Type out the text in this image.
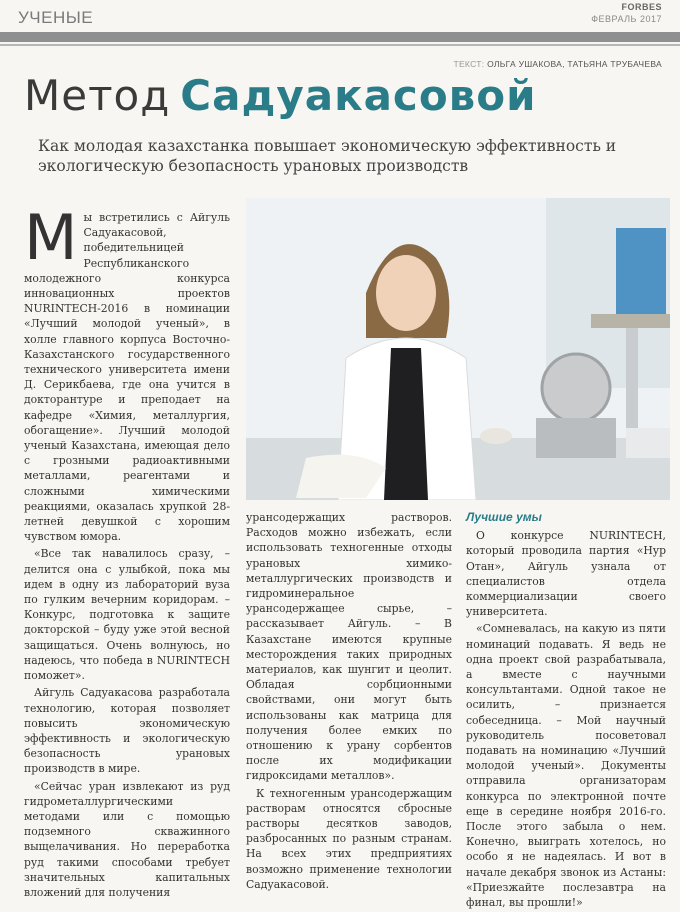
УЧЕНЫЕ
FORBES
ФЕВРАЛЬ 2017
ТЕКСТ: ОЛЬГА УШАКОВА, ТАТЬЯНА ТРУБАЧЕВА
Метод Садуакасовой
Как молодая казахстанка повышает экономическую эффективность и экологическую безопасность урановых производств

Мы встретились с Айгуль Садуакасовой, победительницей Республиканского молодежного конкурса инновационных проектов NURINTECH-2016 в номинации «Лучший молодой ученый», в холле главного корпуса Восточно-Казахстанского государственного технического университета имени Д. Серикбаева, где она учится в докторантуре и преподает на кафедре «Химия, металлургия, обогащение». Лучший молодой ученый Казахстана, имеющая дело с грозными радиоактивными металлами, реагентами и сложными химическими реакциями, оказалась хрупкой 28-летней девушкой с хорошим чувством юмора.

«Все так навалилось сразу, – делится она с улыбкой, пока мы идем в одну из лабораторий вуза по гулким вечерним коридорам. – Конкурс, подготовка к защите докторской – буду уже этой весной защищаться. Очень волнуюсь, но надеюсь, что победа в NURINTECH поможет».

Айгуль Садуакасова разработала технологию, которая позволяет повысить экономическую эффективность и экологическую безопасность урановых производств в мире.

«Сейчас уран извлекают из руд гидрометаллургическими методами или с помощью подземного скважинного выщелачивания. Но переработка руд такими способами требует значительных капитальных вложений для получения

урансодержащих растворов. Расходов можно избежать, если использовать техногенные отходы урановых химико-металлургических производств и гидроминеральное урансодержащее сырье, – рассказывает Айгуль. – В Казахстане имеются крупные месторождения таких природных материалов, как шунгит и цеолит. Обладая сорбционными свойствами, они могут быть использованы как матрица для получения более емких по отношению к урану сорбентов после их модификации гидроксидами металлов».

К техногенным урансодержащим растворам относятся сбросные растворы десятков заводов, разбросанных по разным странам. На всех этих предприятиях возможно применение технологии Садуакасовой.

Лучшие умы

О конкурсе NURINTECH, который проводила партия «Нур Отан», Айгуль узнала от специалистов отдела коммерциализации своего университета.

«Сомневалась, на какую из пяти номинаций подавать. Я ведь не одна проект свой разрабатывала, а вместе с научными консультантами. Одной такое не осилить, – признается собеседница. – Мой научный руководитель посоветовал подавать на номинацию «Лучший молодой ученый». Документы отправила организаторам конкурса по электронной почте еще в середине ноября 2016-го. После этого забыла о нем. Конечно, выиграть хотелось, но особо я не надеялась. И вот в начале декабря звонок из Астаны: «Приезжайте послезавтра на финал, вы прошли!»
